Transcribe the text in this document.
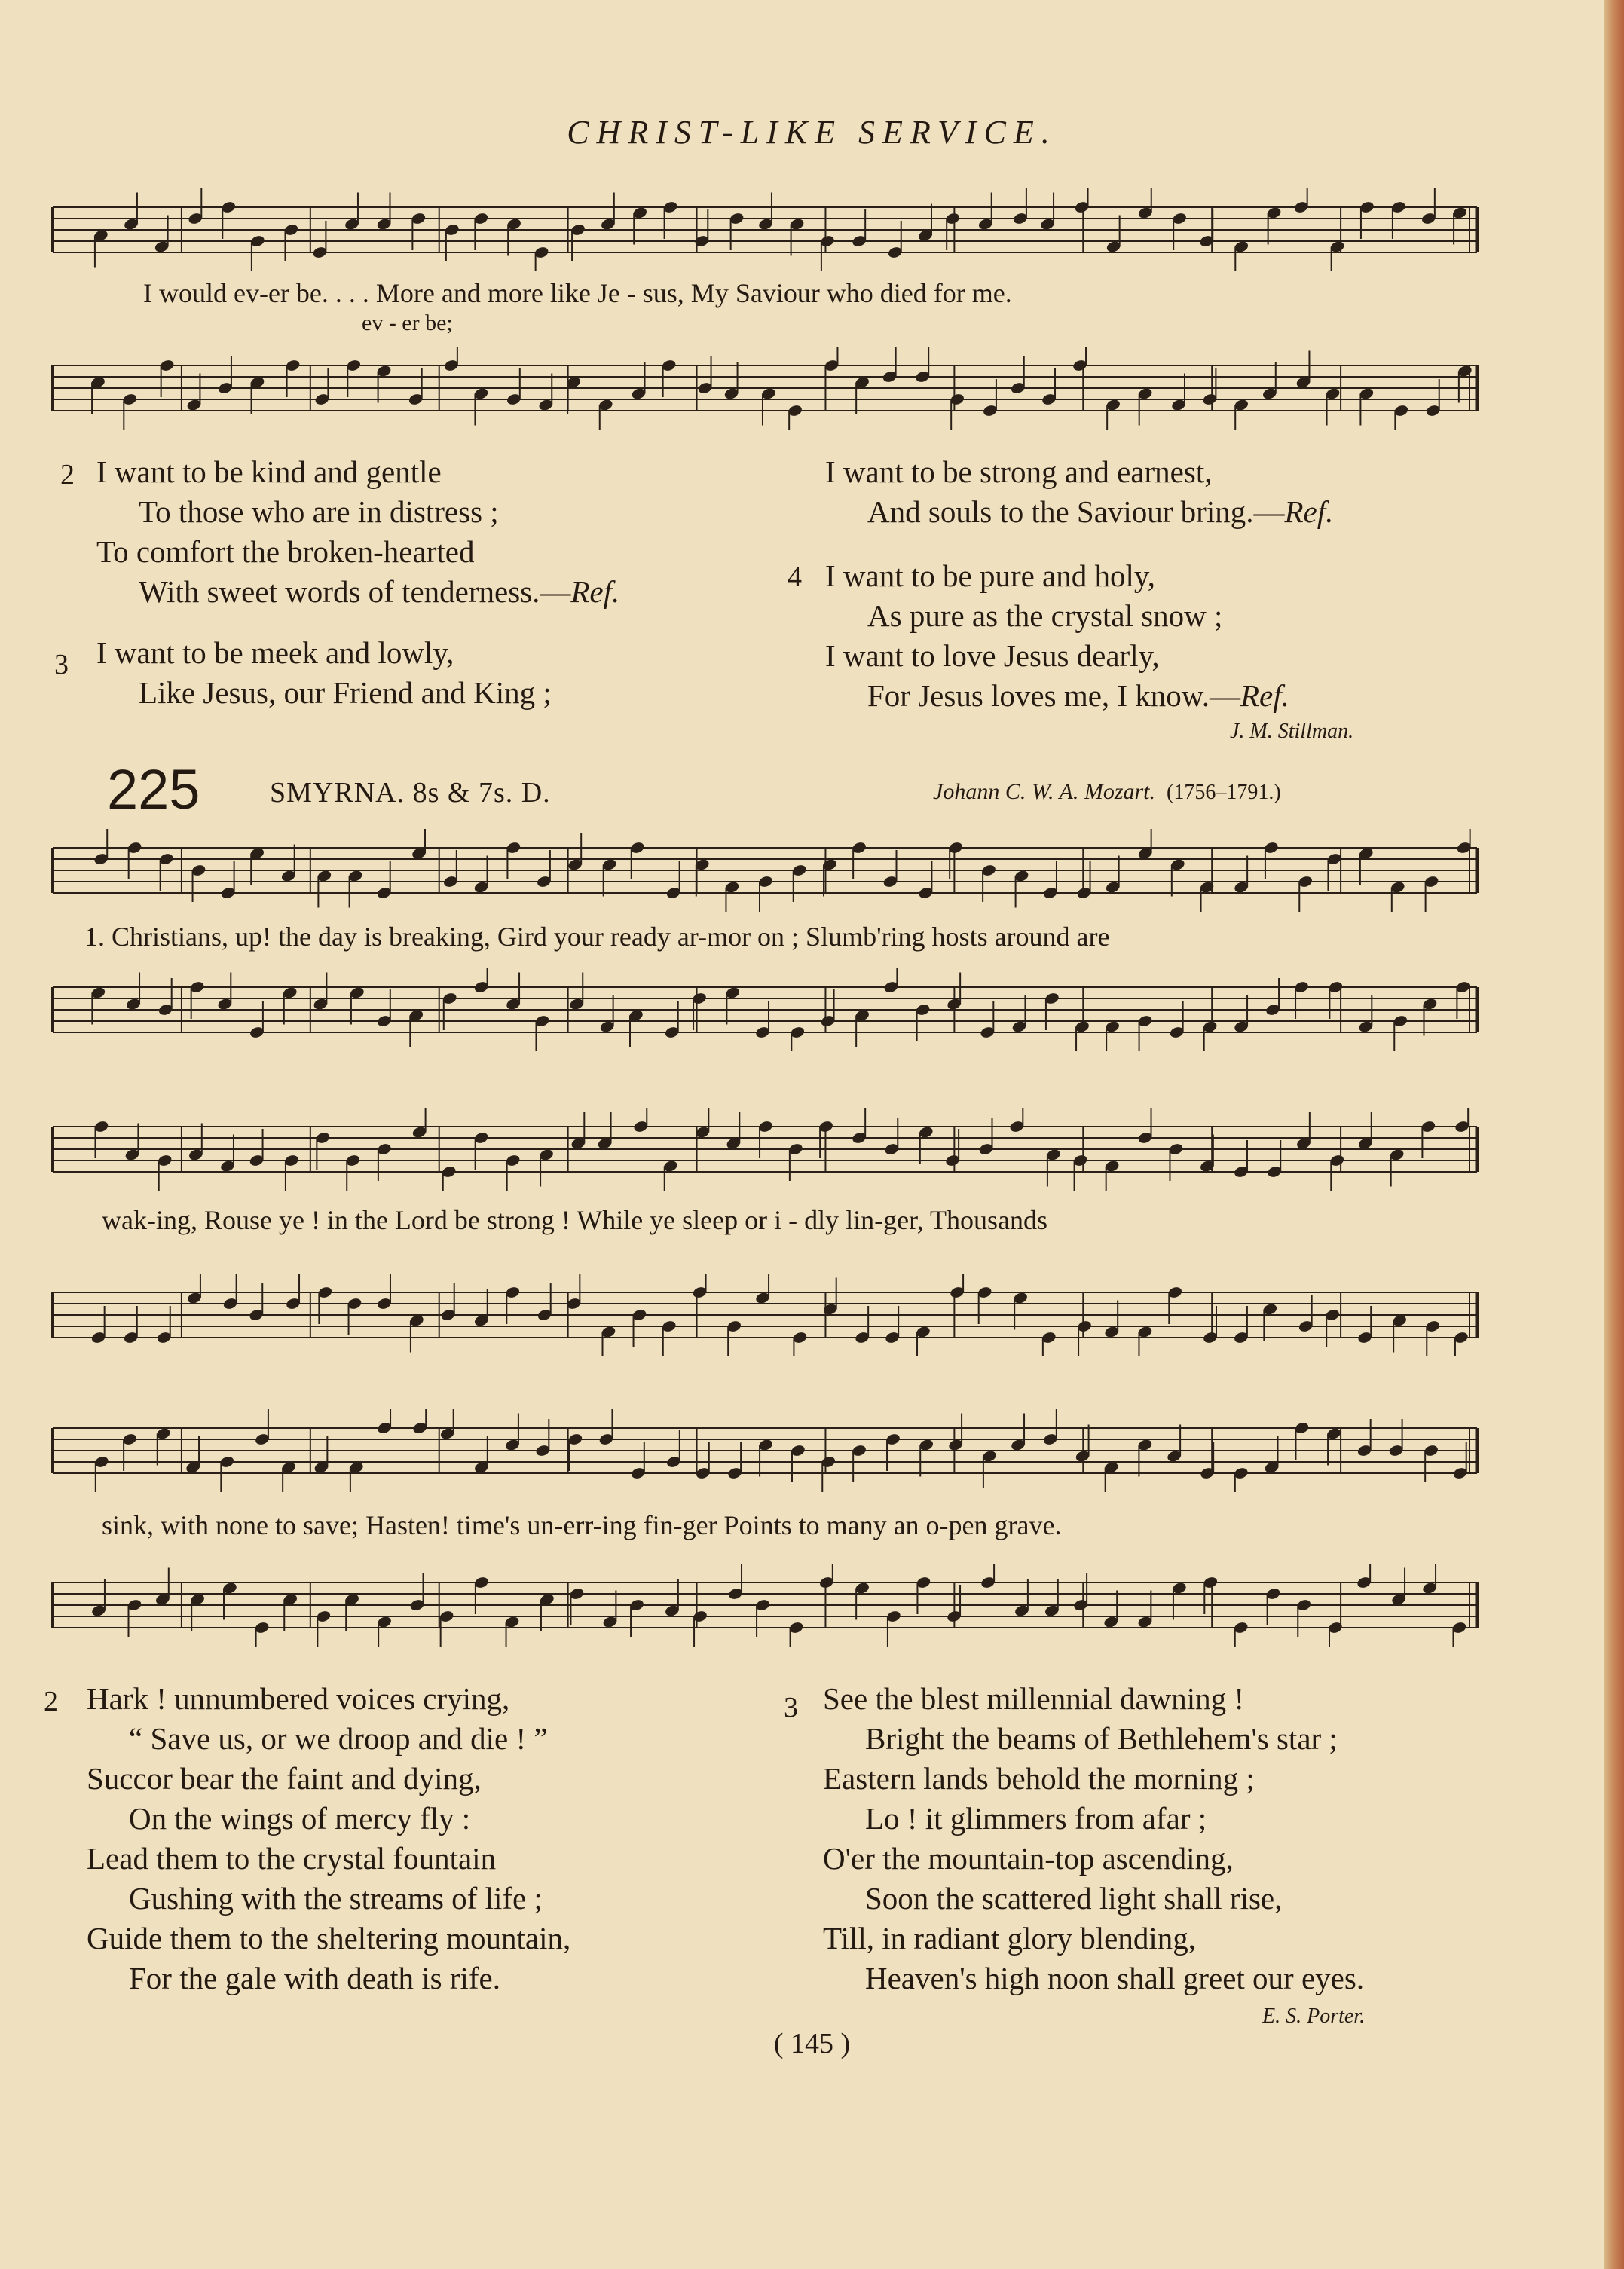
CHRIST-LIKE SERVICE.
I would ev-er be. . . . More and more like Je - sus, My Saviour who died for me.
ev - er be;
2 I want to be kind and gentle
To those who are in distress ;
To comfort the broken-hearted
With sweet words of tenderness.—Ref.
3 I want to be meek and lowly,
Like Jesus, our Friend and King ;
I want to be strong and earnest,
And souls to the Saviour bring.—Ref.
4 I want to be pure and holy,
As pure as the crystal snow ;
I want to love Jesus dearly,
For Jesus loves me, I know.—Ref.
J. M. Stillman.
225 SMYRNA. 8s & 7s. D.	Johann C. W. A. Mozart. (1756–1791.)
1. Christians, up! the day is breaking, Gird your ready ar-mor on ; Slumb'ring hosts around are
wak-ing, Rouse ye ! in the Lord be strong ! While ye sleep or i - dly lin-ger, Thousands
sink, with none to save; Hasten! time's un-err-ing fin-ger Points to many an o-pen grave.
2 Hark ! unnumbered voices crying,
“ Save us, or we droop and die ! ”
Succor bear the faint and dying,
On the wings of mercy fly :
Lead them to the crystal fountain
Gushing with the streams of life ;
Guide them to the sheltering mountain,
For the gale with death is rife.
3 See the blest millennial dawning !
Bright the beams of Bethlehem's star ;
Eastern lands behold the morning ;
Lo ! it glimmers from afar ;
O'er the mountain-top ascending,
Soon the scattered light shall rise,
Till, in radiant glory blending,
Heaven's high noon shall greet our eyes.
E. S. Porter.
( 145 )
